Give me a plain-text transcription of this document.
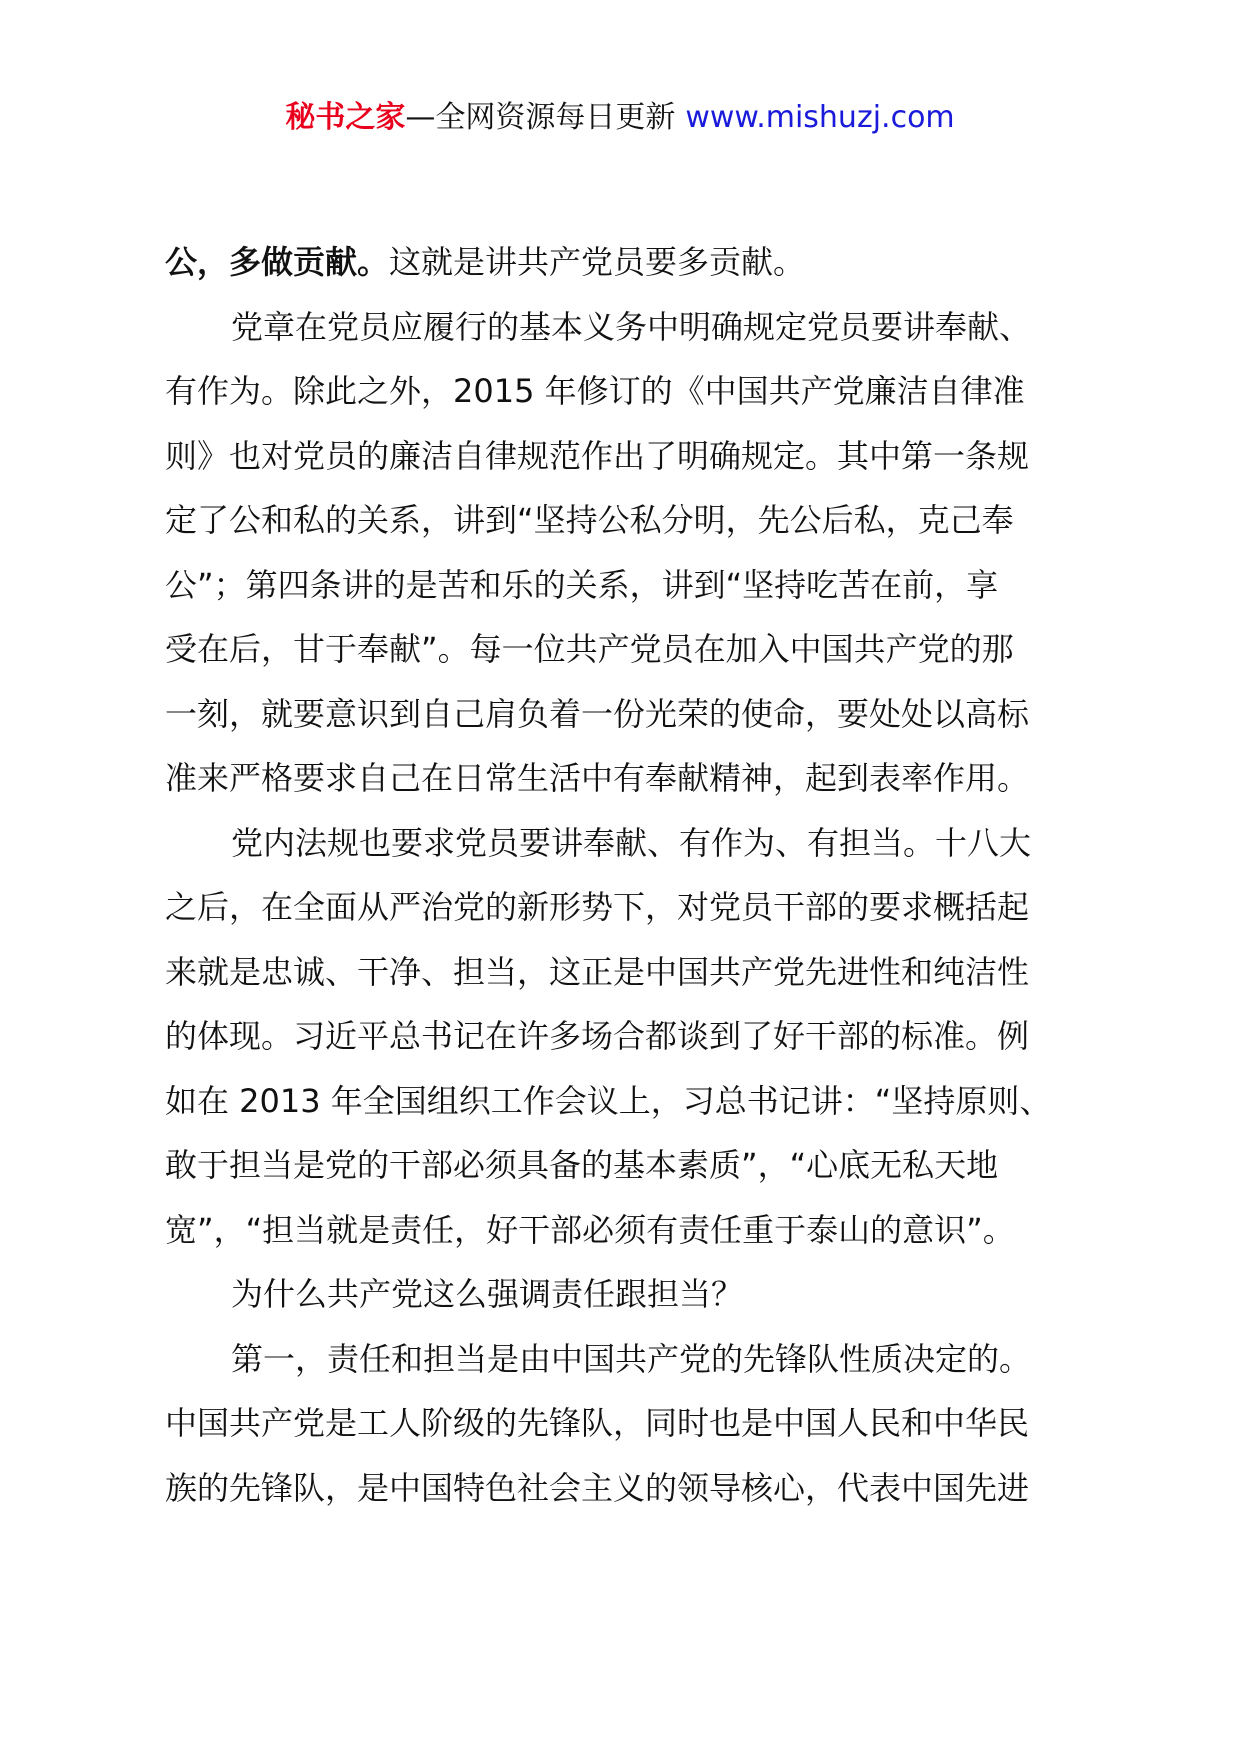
秘书之家—全网资源每日更新 www.mishuzj.com
公，多做贡献。这就是讲共产党员要多贡献。
党章在党员应履行的基本义务中明确规定党员要讲奉献、
有作为。除此之外，2015 年修订的《中国共产党廉洁自律准
则》也对党员的廉洁自律规范作出了明确规定。其中第一条规
定了公和私的关系，讲到“坚持公私分明，先公后私，克己奉
公”；第四条讲的是苦和乐的关系，讲到“坚持吃苦在前，享
受在后，甘于奉献”。每一位共产党员在加入中国共产党的那
一刻，就要意识到自己肩负着一份光荣的使命，要处处以高标
准来严格要求自己在日常生活中有奉献精神，起到表率作用。
党内法规也要求党员要讲奉献、有作为、有担当。十八大
之后，在全面从严治党的新形势下，对党员干部的要求概括起
来就是忠诚、干净、担当，这正是中国共产党先进性和纯洁性
的体现。习近平总书记在许多场合都谈到了好干部的标准。例
如在 2013 年全国组织工作会议上，习总书记讲：“坚持原则、
敢于担当是党的干部必须具备的基本素质”，“心底无私天地
宽”，“担当就是责任，好干部必须有责任重于泰山的意识”。
为什么共产党这么强调责任跟担当？
第一，责任和担当是由中国共产党的先锋队性质决定的。
中国共产党是工人阶级的先锋队，同时也是中国人民和中华民
族的先锋队，是中国特色社会主义的领导核心，代表中国先进
